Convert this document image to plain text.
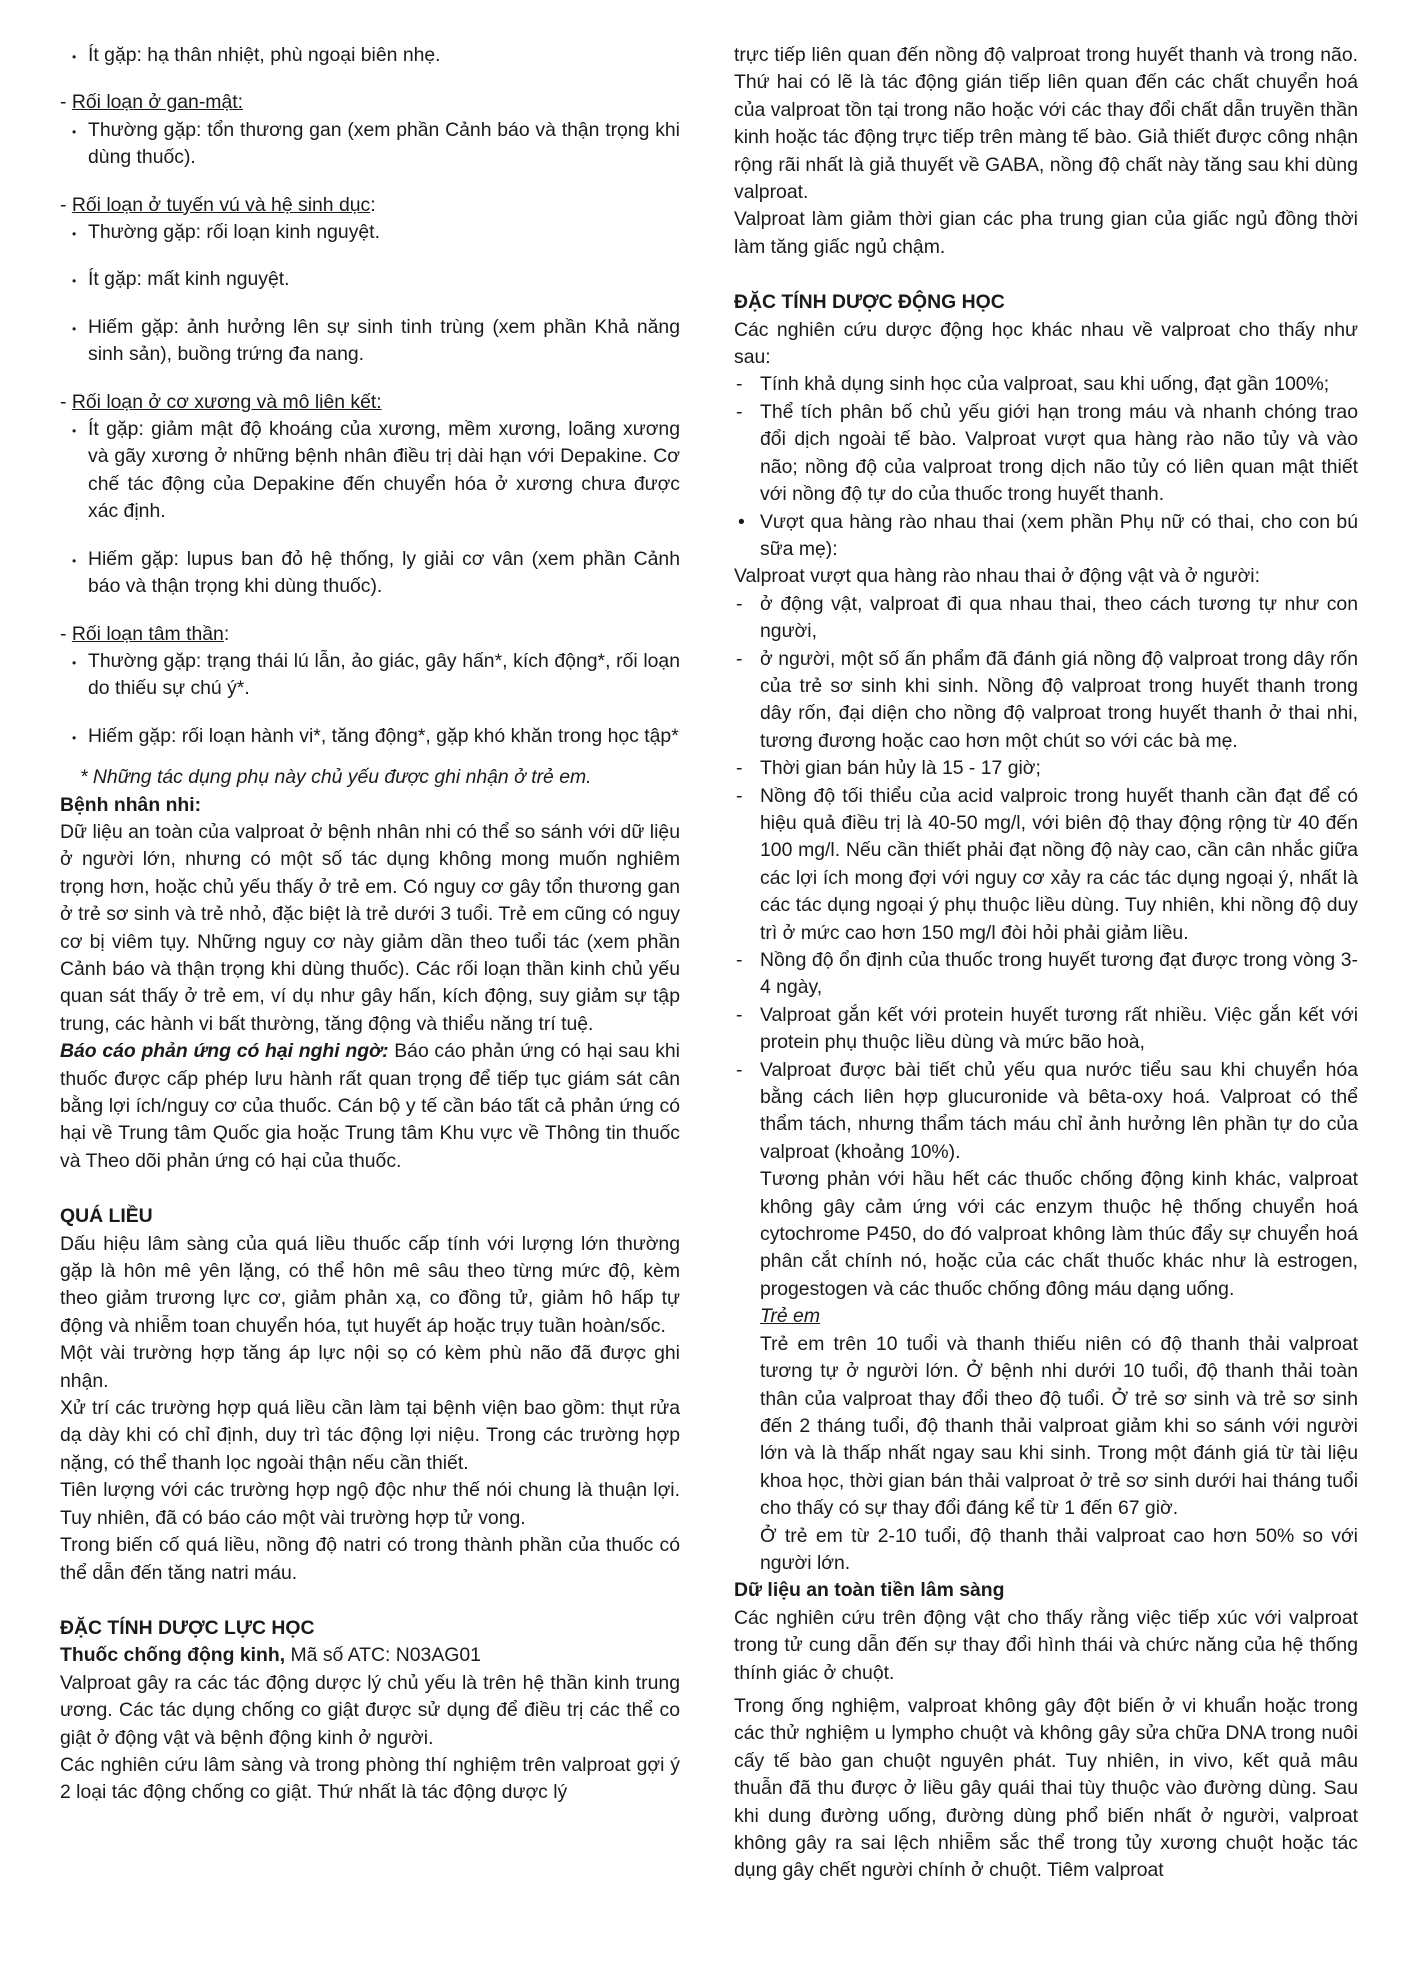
• Ít gặp: hạ thân nhiệt, phù ngoại biên nhẹ.

- Rối loạn ở gan-mật:

• Thường gặp: tổn thương gan (xem phần Cảnh báo và thận trọng khi dùng thuốc).

- Rối loạn ở tuyến vú và hệ sinh dục:

• Thường gặp: rối loạn kinh nguyệt.

• Ít gặp: mất kinh nguyệt.

• Hiếm gặp: ảnh hưởng lên sự sinh tinh trùng (xem phần Khả năng sinh sản), buồng trứng đa nang.

- Rối loạn ở cơ xương và mô liên kết:

• Ít gặp: giảm mật độ khoáng của xương, mềm xương, loãng xương và gãy xương ở những bệnh nhân điều trị dài hạn với Depakine. Cơ chế tác động của Depakine đến chuyển hóa ở xương chưa được xác định.

• Hiếm gặp: lupus ban đỏ hệ thống, ly giải cơ vân (xem phần Cảnh báo và thận trọng khi dùng thuốc).

- Rối loạn tâm thần:

• Thường gặp: trạng thái lú lẫn, ảo giác, gây hấn*, kích động*, rối loạn do thiếu sự chú ý*.

• Hiếm gặp: rối loạn hành vi*, tăng động*, gặp khó khăn trong học tập*

* Những tác dụng phụ này chủ yếu được ghi nhận ở trẻ em.

Bệnh nhân nhi:

Dữ liệu an toàn của valproat ở bệnh nhân nhi có thể so sánh với dữ liệu ở người lớn, nhưng có một số tác dụng không mong muốn nghiêm trọng hơn, hoặc chủ yếu thấy ở trẻ em. Có nguy cơ gây tổn thương gan ở trẻ sơ sinh và trẻ nhỏ, đặc biệt là trẻ dưới 3 tuổi. Trẻ em cũng có nguy cơ bị viêm tụy. Những nguy cơ này giảm dần theo tuổi tác (xem phần Cảnh báo và thận trọng khi dùng thuốc). Các rối loạn thần kinh chủ yếu quan sát thấy ở trẻ em, ví dụ như gây hấn, kích động, suy giảm sự tập trung, các hành vi bất thường, tăng động và thiểu năng trí tuệ.

Báo cáo phản ứng có hại nghi ngờ: Báo cáo phản ứng có hại sau khi thuốc được cấp phép lưu hành rất quan trọng để tiếp tục giám sát cân bằng lợi ích/nguy cơ của thuốc. Cán bộ y tế cần báo tất cả phản ứng có hại về Trung tâm Quốc gia hoặc Trung tâm Khu vực về Thông tin thuốc và Theo dõi phản ứng có hại của thuốc.

QUÁ LIỀU

Dấu hiệu lâm sàng của quá liều thuốc cấp tính với lượng lớn thường gặp là hôn mê yên lặng, có thể hôn mê sâu theo từng mức độ, kèm theo giảm trương lực cơ, giảm phản xạ, co đồng tử, giảm hô hấp tự động và nhiễm toan chuyển hóa, tụt huyết áp hoặc trụy tuần hoàn/sốc.

Một vài trường hợp tăng áp lực nội sọ có kèm phù não đã được ghi nhận.

Xử trí các trường hợp quá liều cần làm tại bệnh viện bao gồm: thụt rửa dạ dày khi có chỉ định, duy trì tác động lợi niệu. Trong các trường hợp nặng, có thể thanh lọc ngoài thận nếu cần thiết.

Tiên lượng với các trường hợp ngộ độc như thế nói chung là thuận lợi. Tuy nhiên, đã có báo cáo một vài trường hợp tử vong.

Trong biến cố quá liều, nồng độ natri có trong thành phần của thuốc có thể dẫn đến tăng natri máu.

ĐẶC TÍNH DƯỢC LỰC HỌC

Thuốc chống động kinh, Mã số ATC: N03AG01

Valproat gây ra các tác động dược lý chủ yếu là trên hệ thần kinh trung ương. Các tác dụng chống co giật được sử dụng để điều trị các thể co giật ở động vật và bệnh động kinh ở người.

Các nghiên cứu lâm sàng và trong phòng thí nghiệm trên valproat gợi ý 2 loại tác động chống co giật. Thứ nhất là tác động dược lý

trực tiếp liên quan đến nồng độ valproat trong huyết thanh và trong não. Thứ hai có lẽ là tác động gián tiếp liên quan đến các chất chuyển hoá của valproat tồn tại trong não hoặc với các thay đổi chất dẫn truyền thần kinh hoặc tác động trực tiếp trên màng tế bào. Giả thiết được công nhận rộng rãi nhất là giả thuyết về GABA, nồng độ chất này tăng sau khi dùng valproat.

Valproat làm giảm thời gian các pha trung gian của giấc ngủ đồng thời làm tăng giấc ngủ chậm.

ĐẶC TÍNH DƯỢC ĐỘNG HỌC

Các nghiên cứu dược động học khác nhau về valproat cho thấy như sau:

- Tính khả dụng sinh học của valproat, sau khi uống, đạt gần 100%;

- Thể tích phân bố chủ yếu giới hạn trong máu và nhanh chóng trao đổi dịch ngoài tế bào. Valproat vượt qua hàng rào não tủy và vào não; nồng độ của valproat trong dịch não tủy có liên quan mật thiết với nồng độ tự do của thuốc trong huyết thanh.

• Vượt qua hàng rào nhau thai (xem phần Phụ nữ có thai, cho con bú sữa mẹ):

Valproat vượt qua hàng rào nhau thai ở động vật và ở người:

- ở động vật, valproat đi qua nhau thai, theo cách tương tự như con người,

- ở người, một số ấn phẩm đã đánh giá nồng độ valproat trong dây rốn của trẻ sơ sinh khi sinh. Nồng độ valproat trong huyết thanh trong dây rốn, đại diện cho nồng độ valproat trong huyết thanh ở thai nhi, tương đương hoặc cao hơn một chút so với các bà mẹ.

- Thời gian bán hủy là 15 - 17 giờ;

- Nồng độ tối thiểu của acid valproic trong huyết thanh cần đạt để có hiệu quả điều trị là 40-50 mg/l, với biên độ thay động rộng từ 40 đến 100 mg/l. Nếu cần thiết phải đạt nồng độ này cao, cần cân nhắc giữa các lợi ích mong đợi với nguy cơ xảy ra các tác dụng ngoại ý, nhất là các tác dụng ngoại ý phụ thuộc liều dùng. Tuy nhiên, khi nồng độ duy trì ở mức cao hơn 150 mg/l đòi hỏi phải giảm liều.

- Nồng độ ổn định của thuốc trong huyết tương đạt được trong vòng 3-4 ngày,

- Valproat gắn kết với protein huyết tương rất nhiều. Việc gắn kết với protein phụ thuộc liều dùng và mức bão hoà,

- Valproat được bài tiết chủ yếu qua nước tiểu sau khi chuyển hóa bằng cách liên hợp glucuronide và bêta-oxy hoá. Valproat có thể thẩm tách, nhưng thẩm tách máu chỉ ảnh hưởng lên phần tự do của valproat (khoảng 10%).

Tương phản với hầu hết các thuốc chống động kinh khác, valproat không gây cảm ứng với các enzym thuộc hệ thống chuyển hoá cytochrome P450, do đó valproat không làm thúc đẩy sự chuyển hoá phân cắt chính nó, hoặc của các chất thuốc khác như là estrogen, progestogen và các thuốc chống đông máu dạng uống.

Trẻ em

Trẻ em trên 10 tuổi và thanh thiếu niên có độ thanh thải valproat tương tự ở người lớn. Ở bệnh nhi dưới 10 tuổi, độ thanh thải toàn thân của valproat thay đổi theo độ tuổi. Ở trẻ sơ sinh và trẻ sơ sinh đến 2 tháng tuổi, độ thanh thải valproat giảm khi so sánh với người lớn và là thấp nhất ngay sau khi sinh. Trong một đánh giá từ tài liệu khoa học, thời gian bán thải valproat ở trẻ sơ sinh dưới hai tháng tuổi cho thấy có sự thay đổi đáng kể từ 1 đến 67 giờ.

Ở trẻ em từ 2-10 tuổi, độ thanh thải valproat cao hơn 50% so với người lớn.

Dữ liệu an toàn tiền lâm sàng

Các nghiên cứu trên động vật cho thấy rằng việc tiếp xúc với valproat trong tử cung dẫn đến sự thay đổi hình thái và chức năng của hệ thống thính giác ở chuột.

Trong ống nghiệm, valproat không gây đột biến ở vi khuẩn hoặc trong các thử nghiệm u lympho chuột và không gây sửa chữa DNA trong nuôi cấy tế bào gan chuột nguyên phát. Tuy nhiên, in vivo, kết quả mâu thuẫn đã thu được ở liều gây quái thai tùy thuộc vào đường dùng. Sau khi dung đường uống, đường dùng phổ biến nhất ở người, valproat không gây ra sai lệch nhiễm sắc thể trong tủy xương chuột hoặc tác dụng gây chết người chính ở chuột. Tiêm valproat
